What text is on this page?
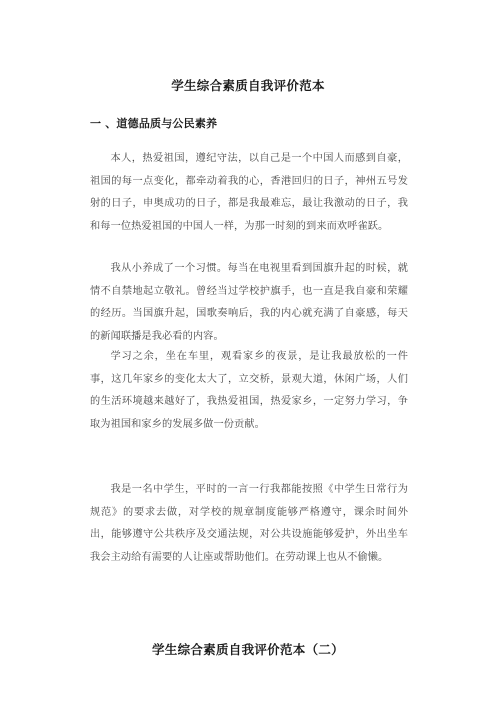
学生综合素质自我评价范本
一 、道德品质与公民素养

本人，热爱祖国，遵纪守法，以自己是一个中国人而感到自豪，祖国的每一点变化，都牵动着我的心，香港回归的日子，神州五号发射的日子，申奥成功的日子，都是我最难忘，最让我激动的日子，我和每一位热爱祖国的中国人一样，为那一时刻的到来而欢呼雀跃。

我从小养成了一个习惯。每当在电视里看到国旗升起的时候，就情不自禁地起立敬礼。曾经当过学校护旗手，也一直是我自豪和荣耀的经历。当国旗升起，国歌奏响后，我的内心就充满了自豪感，每天的新闻联播是我必看的内容。

学习之余，坐在车里，观看家乡的夜景，是让我最放松的一件事，这几年家乡的变化太大了，立交桥，景观大道，休闲广场，人们的生活环境越来越好了，我热爱祖国，热爱家乡，一定努力学习，争取为祖国和家乡的发展多做一份贡献。

我是一名中学生，平时的一言一行我都能按照《中学生日常行为规范》的要求去做，对学校的规章制度能够严格遵守，课余时间外出，能够遵守公共秩序及交通法规，对公共设施能够爱护，外出坐车我会主动给有需要的人让座或帮助他们。在劳动课上也从不偷懒。

学生综合素质自我评价范本（二）
